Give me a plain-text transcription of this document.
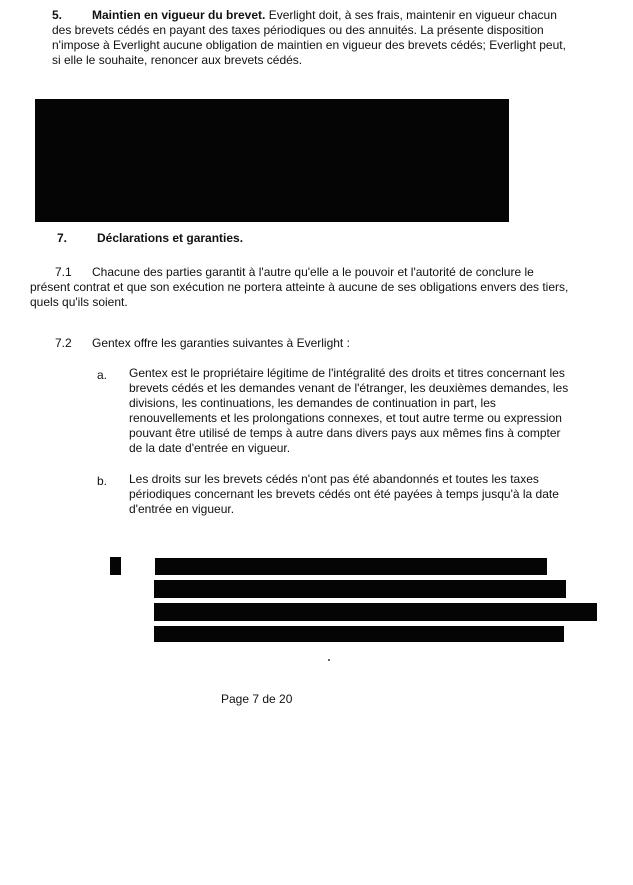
5. Maintien en vigueur du brevet. Everlight doit, à ses frais, maintenir en vigueur chacun
des brevets cédés en payant des taxes périodiques ou des annuités. La présente disposition
n'impose à Everlight aucune obligation de maintien en vigueur des brevets cédés; Everlight peut,
si elle le souhaite, renoncer aux brevets cédés.
7. Déclarations et garanties.
7.1 Chacune des parties garantit à l'autre qu'elle a le pouvoir et l'autorité de conclure le
présent contrat et que son exécution ne portera atteinte à aucune de ses obligations envers des tiers,
quels qu'ils soient.
7.2 Gentex offre les garanties suivantes à Everlight :
a. Gentex est le propriétaire légitime de l'intégralité des droits et titres concernant les
brevets cédés et les demandes venant de l'étranger, les deuxièmes demandes, les
divisions, les continuations, les demandes de continuation in part, les
renouvellements et les prolongations connexes, et tout autre terme ou expression
pouvant être utilisé de temps à autre dans divers pays aux mêmes fins à compter
de la date d'entrée en vigueur.
b. Les droits sur les brevets cédés n'ont pas été abandonnés et toutes les taxes
périodiques concernant les brevets cédés ont été payées à temps jusqu'à la date
d'entrée en vigueur.
Page 7 de 20
